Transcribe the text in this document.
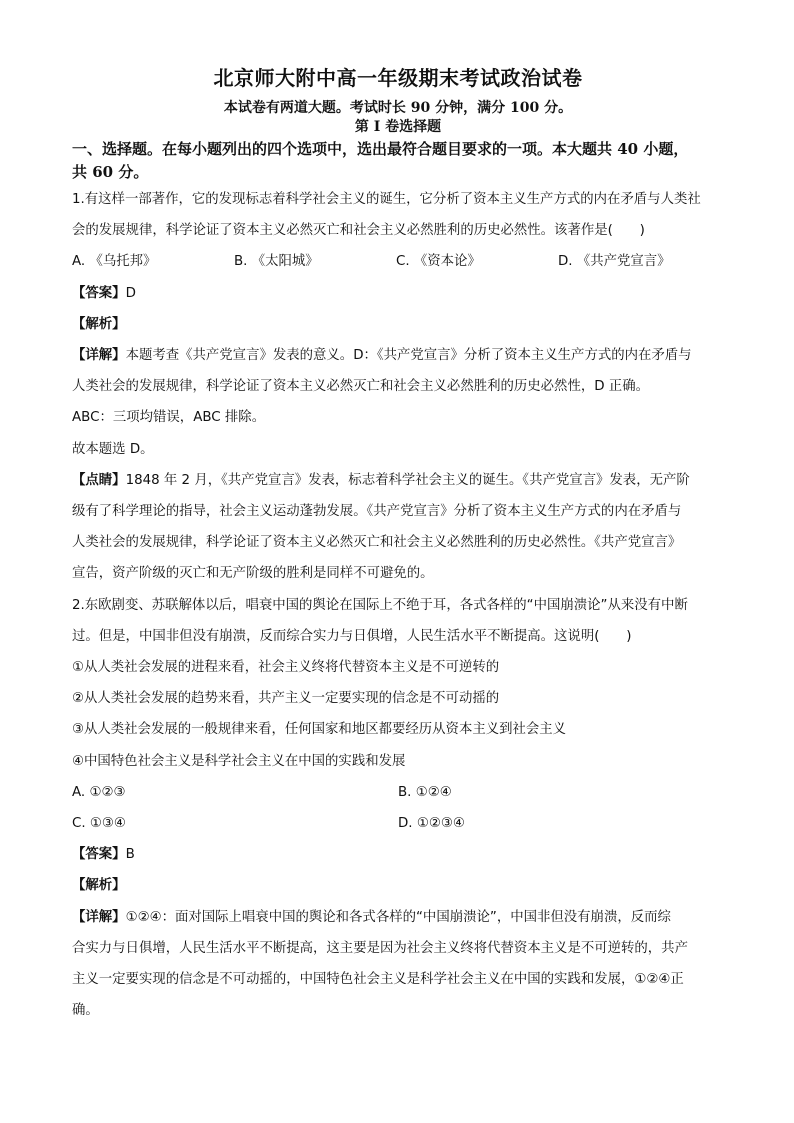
北京师大附中高一年级期末考试政治试卷
本试卷有两道大题。考试时长 90 分钟，满分 100 分。
第 I 卷选择题
一、选择题。在每小题列出的四个选项中，选出最符合题目要求的一项。本大题共 40 小题，
共 60 分。

1.有这样一部著作，它的发现标志着科学社会主义的诞生，它分析了资本主义生产方式的内在矛盾与人类社

会的发展规律，科学论证了资本主义必然灭亡和社会主义必然胜利的历史必然性。该著作是(　　)

A. 《乌托邦》	B. 《太阳城》	C. 《资本论》	D. 《共产党宣言》
【答案】D
【解析】

【详解】本题考查《共产党宣言》发表的意义。D：《共产党宣言》分析了资本主义生产方式的内在矛盾与

人类社会的发展规律，科学论证了资本主义必然灭亡和社会主义必然胜利的历史必然性，D 正确。

ABC：三项均错误，ABC 排除。

故本题选 D。

【点睛】1848 年 2 月，《共产党宣言》发表，标志着科学社会主义的诞生。《共产党宣言》发表，无产阶

级有了科学理论的指导，社会主义运动蓬勃发展。《共产党宣言》分析了资本主义生产方式的内在矛盾与

人类社会的发展规律，科学论证了资本主义必然灭亡和社会主义必然胜利的历史必然性。《共产党宣言》

宣告，资产阶级的灭亡和无产阶级的胜利是同样不可避免的。

2.东欧剧变、苏联解体以后，唱衰中国的舆论在国际上不绝于耳，各式各样的“中国崩溃论”从来没有中断

过。但是，中国非但没有崩溃，反而综合实力与日俱增，人民生活水平不断提高。这说明(　　)

①从人类社会发展的进程来看，社会主义终将代替资本主义是不可逆转的

②从人类社会发展的趋势来看，共产主义一定要实现的信念是不可动摇的

③从人类社会发展的一般规律来看，任何国家和地区都要经历从资本主义到社会主义

④中国特色社会主义是科学社会主义在中国的实践和发展

A. ①②③	B. ①②④
C. ①③④	D. ①②③④
【答案】B
【解析】

【详解】①②④：面对国际上唱衰中国的舆论和各式各样的“中国崩溃论”，中国非但没有崩溃，反而综

合实力与日俱增，人民生活水平不断提高，这主要是因为社会主义终将代替资本主义是不可逆转的，共产

主义一定要实现的信念是不可动摇的，中国特色社会主义是科学社会主义在中国的实践和发展，①②④正

确。
